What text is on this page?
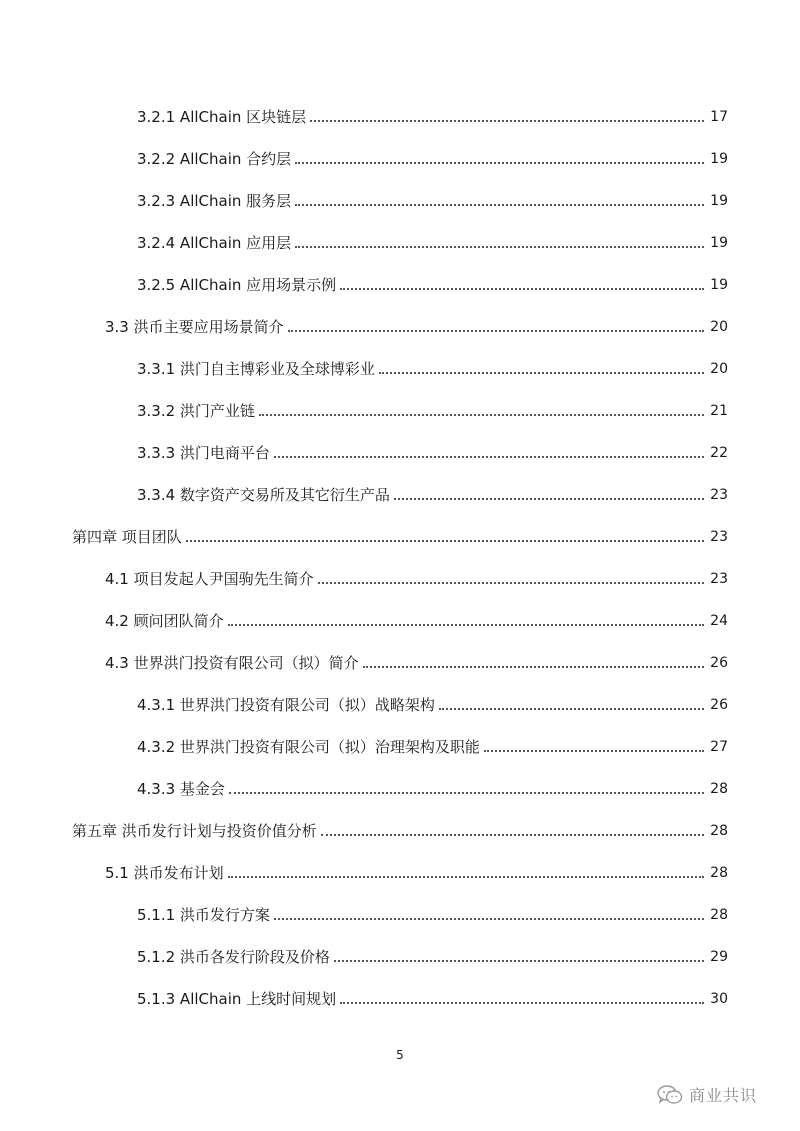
3.2.1 AllChain 区块链层	17
3.2.2 AllChain 合约层	19
3.2.3 AllChain 服务层	19
3.2.4 AllChain 应用层	19
3.2.5 AllChain 应用场景示例	19
3.3 洪币主要应用场景简介	20
3.3.1 洪门自主博彩业及全球博彩业	20
3.3.2 洪门产业链	21
3.3.3 洪门电商平台	22
3.3.4 数字资产交易所及其它衍生产品	23
第四章 项目团队	23
4.1 项目发起人尹国驹先生简介	23
4.2 顾问团队简介	24
4.3 世界洪门投资有限公司（拟）简介	26
4.3.1 世界洪门投资有限公司（拟）战略架构	26
4.3.2 世界洪门投资有限公司（拟）治理架构及职能	27
4.3.3 基金会	28
第五章 洪币发行计划与投资价值分析	28
5.1 洪币发布计划	28
5.1.1 洪币发行方案	28
5.1.2 洪币各发行阶段及价格	29
5.1.3 AllChain 上线时间规划	30
5
商业共识
